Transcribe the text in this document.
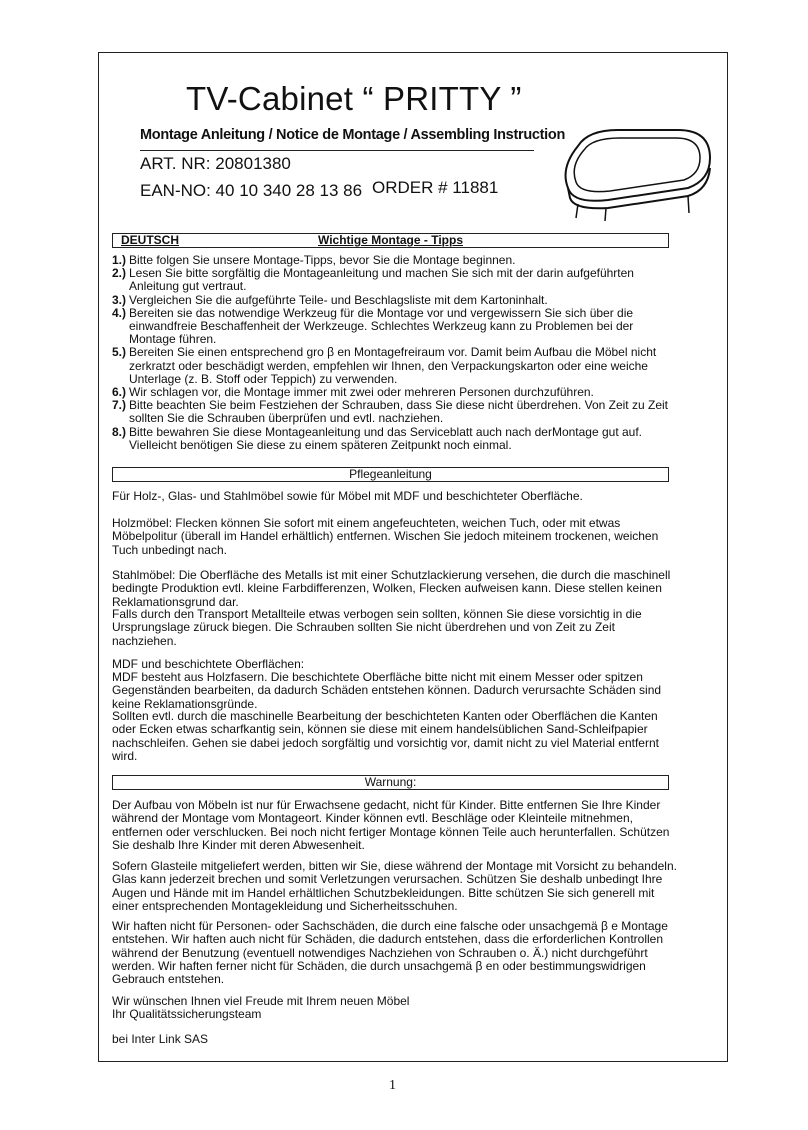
TV-Cabinet “ PRITTY ”
Montage Anleitung / Notice de Montage / Assembling Instruction
ART. NR: 20801380
EAN-NO: 40 10 340 28 13 86 ORDER # 11881
DEUTSCH	Wichtige Montage - Tipps
1.) Bitte folgen Sie unsere Montage-Tipps, bevor Sie die Montage beginnen.
2.) Lesen Sie bitte sorgfältig die Montageanleitung und machen Sie sich mit der darin aufgeführten Anleitung gut vertraut.
3.) Vergleichen Sie die aufgeführte Teile- und Beschlagsliste mit dem Kartoninhalt.
4.) Bereiten sie das notwendige Werkzeug für die Montage vor und vergewissern Sie sich über die einwandfreie Beschaffenheit der Werkzeuge. Schlechtes Werkzeug kann zu Problemen bei der Montage führen.
5.) Bereiten Sie einen entsprechend gro β en Montagefreiraum vor. Damit beim Aufbau die Möbel nicht zerkratzt oder beschädigt werden, empfehlen wir Ihnen, den Verpackungskarton oder eine weiche Unterlage (z. B. Stoff oder Teppich) zu verwenden.
6.) Wir schlagen vor, die Montage immer mit zwei oder mehreren Personen durchzuführen.
7.) Bitte beachten Sie beim Festziehen der Schrauben, dass Sie diese nicht überdrehen. Von Zeit zu Zeit sollten Sie die Schrauben überprüfen und evtl. nachziehen.
8.) Bitte bewahren Sie diese Montageanleitung und das Serviceblatt auch nach derMontage gut auf. Vielleicht benötigen Sie diese zu einem späteren Zeitpunkt noch einmal.
Pflegeanleitung

Für Holz-, Glas- und Stahlmöbel sowie für Möbel mit MDF und beschichteter Oberfläche.

Holzmöbel: Flecken können Sie sofort mit einem angefeuchteten, weichen Tuch, oder mit etwas Möbelpolitur (überall im Handel erhältlich) entfernen. Wischen Sie jedoch miteinem trockenen, weichen Tuch unbedingt nach.

Stahlmöbel: Die Oberfläche des Metalls ist mit einer Schutzlackierung versehen, die durch die maschinell bedingte Produktion evtl. kleine Farbdifferenzen, Wolken, Flecken aufweisen kann. Diese stellen keinen Reklamationsgrund dar.

Falls durch den Transport Metallteile etwas verbogen sein sollten, können Sie diese vorsichtig in die Ursprungslage züruck biegen. Die Schrauben sollten Sie nicht überdrehen und von Zeit zu Zeit nachziehen.

MDF und beschichtete Oberflächen:

MDF besteht aus Holzfasern. Die beschichtete Oberfläche bitte nicht mit einem Messer oder spitzen Gegenständen bearbeiten, da dadurch Schäden entstehen können. Dadurch verursachte Schäden sind keine Reklamationsgründe.

Sollten evtl. durch die maschinelle Bearbeitung der beschichteten Kanten oder Oberflächen die Kanten oder Ecken etwas scharfkantig sein, können sie diese mit einem handelsüblichen Sand-Schleifpapier nachschleifen. Gehen sie dabei jedoch sorgfältig und vorsichtig vor, damit nicht zu viel Material entfernt wird.

Warnung:

Der Aufbau von Möbeln ist nur für Erwachsene gedacht, nicht für Kinder. Bitte entfernen Sie Ihre Kinder während der Montage vom Montageort. Kinder können evtl. Beschläge oder Kleinteile mitnehmen, entfernen oder verschlucken. Bei noch nicht fertiger Montage können Teile auch herunterfallen. Schützen Sie deshalb Ihre Kinder mit deren Abwesenheit.

Sofern Glasteile mitgeliefert werden, bitten wir Sie, diese während der Montage mit Vorsicht zu behandeln. Glas kann jederzeit brechen und somit Verletzungen verursachen. Schützen Sie deshalb unbedingt Ihre Augen und Hände mit im Handel erhältlichen Schutzbekleidungen. Bitte schützen Sie sich generell mit einer entsprechenden Montagekleidung und Sicherheitsschuhen.

Wir haften nicht für Personen- oder Sachschäden, die durch eine falsche oder unsachgemä β e Montage entstehen. Wir haften auch nicht für Schäden, die dadurch entstehen, dass die erforderlichen Kontrollen während der Benutzung (eventuell notwendiges Nachziehen von Schrauben o. Ä.) nicht durchgeführt werden. Wir haften ferner nicht für Schäden, die durch unsachgemä β en oder bestimmungswidrigen Gebrauch entstehen.

Wir wünschen Ihnen viel Freude mit Ihrem neuen Möbel

Ihr Qualitätssicherungsteam

bei Inter Link SAS

1
